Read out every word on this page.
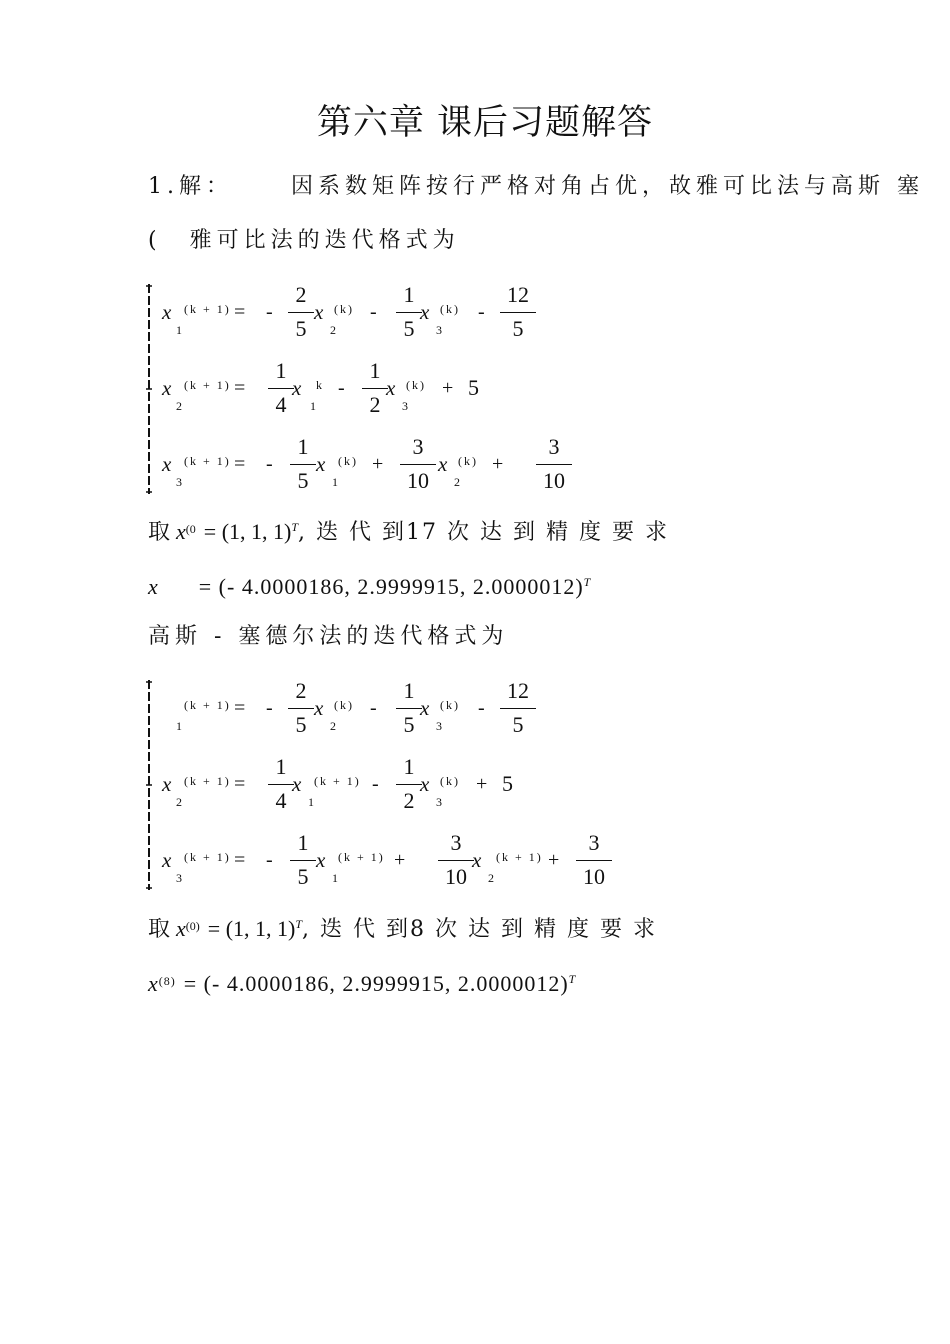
第六章 课后习题解答
1.解：	因系数矩阵按行严格对角占优，故雅可比法与高斯 塞
( 雅可比法的迭代格式为
x (k + 1)
1
= -
2
5
x (k)
2
-
1
5
x (k)
3
-
12
5
x (k + 1)
2
=
1
4
x k
1
-
1
2
x (k)
3
+ 5
x (k + 1)
3
= -
1
5
x (k)
1
+
3
10
x (k)
2
+
3
10
取 $x^{(0} = (1$, 1, 1)$^T$, 迭 代 到17 次 达 到 精 度 要 求
x = (- 4.0000186, 2.9999915, 2.0000012)$^T$
高斯 - 塞德尔法的迭代格式为
(k + 1)
1
= -
2
5
x (k)
2
-
1
5
x (k)
3
-
12
5
x (k + 1)
2
=
1
4
x (k + 1)
1
-
1
2
x (k)
3
+ 5
x (k + 1)
3
= -
1
5
x (k + 1)
1
+
3
10
x (k + 1)
2
+
3
10
取 $x^{(0)} = (1$, 1, 1)$^T$, 迭 代 到8 次 达 到 精 度 要 求
$x^{(8)}$ = (- 4.0000186, 2.9999915, 2.0000012)$^T$
